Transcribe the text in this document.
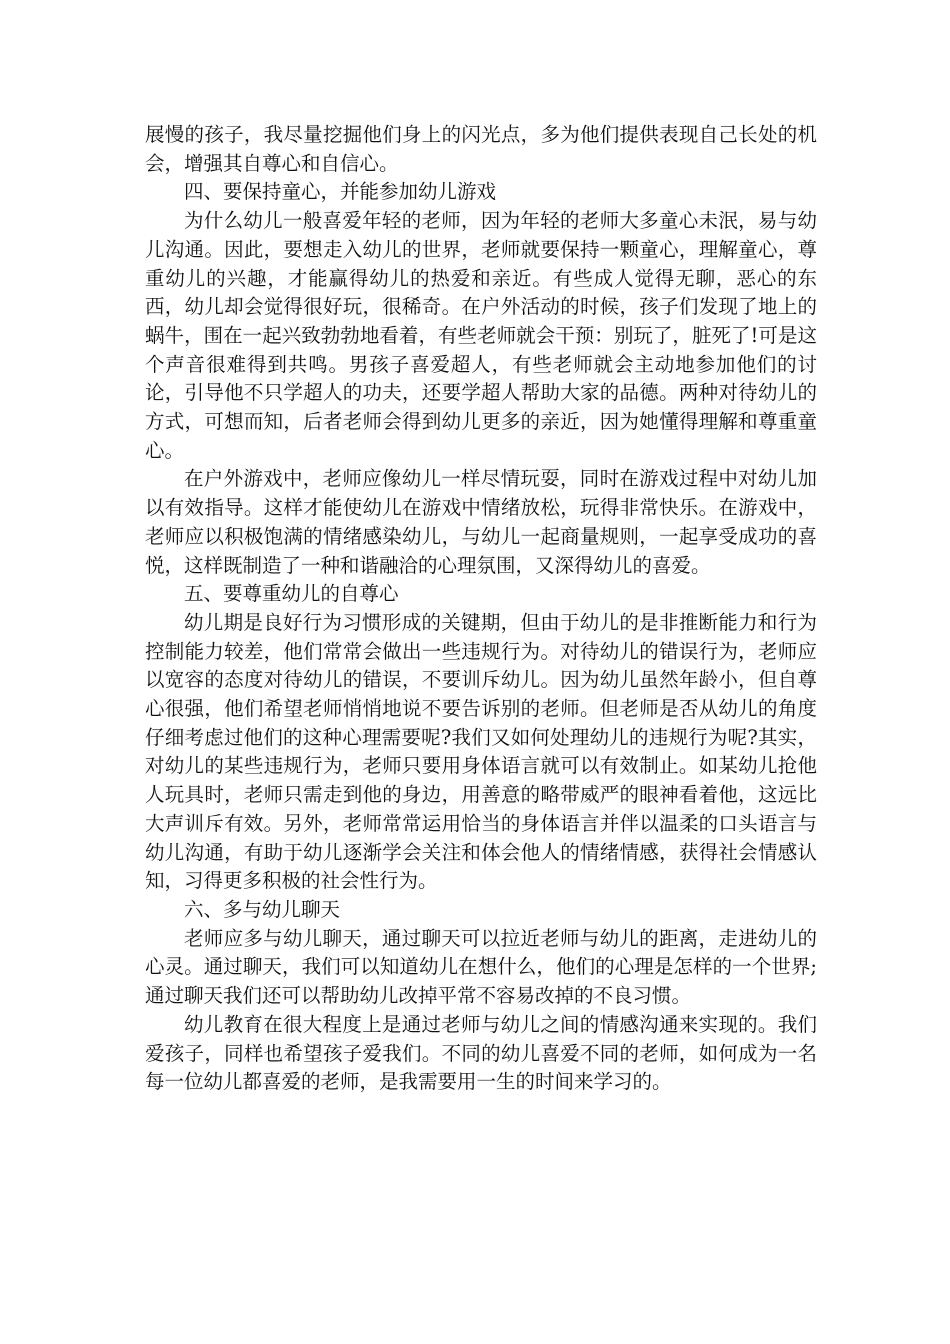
展慢的孩子，我尽量挖掘他们身上的闪光点，多为他们提供表现自己长处的机会，增强其自尊心和自信心。

四、要保持童心，并能参加幼儿游戏

为什么幼儿一般喜爱年轻的老师，因为年轻的老师大多童心未泯，易与幼儿沟通。因此，要想走入幼儿的世界，老师就要保持一颗童心，理解童心，尊重幼儿的兴趣，才能赢得幼儿的热爱和亲近。有些成人觉得无聊，恶心的东西，幼儿却会觉得很好玩，很稀奇。在户外活动的时候，孩子们发现了地上的蜗牛，围在一起兴致勃勃地看着，有些老师就会干预：别玩了，脏死了!可是这个声音很难得到共鸣。男孩子喜爱超人，有些老师就会主动地参加他们的讨论，引导他不只学超人的功夫，还要学超人帮助大家的品德。两种对待幼儿的方式，可想而知，后者老师会得到幼儿更多的亲近，因为她懂得理解和尊重童心。

在户外游戏中，老师应像幼儿一样尽情玩耍，同时在游戏过程中对幼儿加以有效指导。这样才能使幼儿在游戏中情绪放松，玩得非常快乐。在游戏中，老师应以积极饱满的情绪感染幼儿，与幼儿一起商量规则，一起享受成功的喜悦，这样既制造了一种和谐融洽的心理氛围，又深得幼儿的喜爱。

五、要尊重幼儿的自尊心

幼儿期是良好行为习惯形成的关键期，但由于幼儿的是非推断能力和行为控制能力较差，他们常常会做出一些违规行为。对待幼儿的错误行为，老师应以宽容的态度对待幼儿的错误，不要训斥幼儿。因为幼儿虽然年龄小，但自尊心很强，他们希望老师悄悄地说不要告诉别的老师。但老师是否从幼儿的角度仔细考虑过他们的这种心理需要呢?我们又如何处理幼儿的违规行为呢?其实，对幼儿的某些违规行为，老师只要用身体语言就可以有效制止。如某幼儿抢他人玩具时，老师只需走到他的身边，用善意的略带威严的眼神看着他，这远比大声训斥有效。另外，老师常常运用恰当的身体语言并伴以温柔的口头语言与幼儿沟通，有助于幼儿逐渐学会关注和体会他人的情绪情感，获得社会情感认知，习得更多积极的社会性行为。

六、多与幼儿聊天

老师应多与幼儿聊天，通过聊天可以拉近老师与幼儿的距离，走进幼儿的心灵。通过聊天，我们可以知道幼儿在想什么，他们的心理是怎样的一个世界;通过聊天我们还可以帮助幼儿改掉平常不容易改掉的不良习惯。

幼儿教育在很大程度上是通过老师与幼儿之间的情感沟通来实现的。我们爱孩子，同样也希望孩子爱我们。不同的幼儿喜爱不同的老师，如何成为一名每一位幼儿都喜爱的老师，是我需要用一生的时间来学习的。
